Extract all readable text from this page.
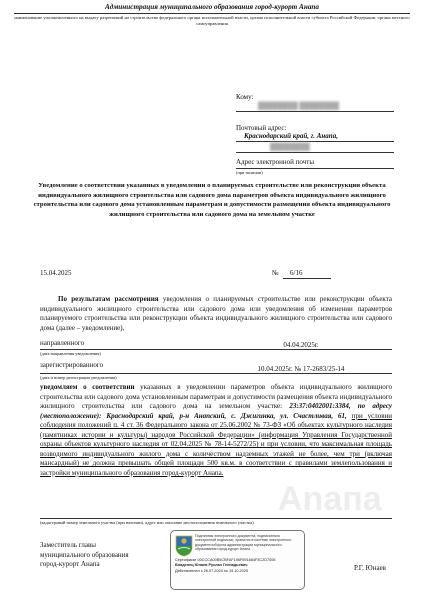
Администрация муниципального образования город-курорт Анапа
наименование уполномоченного на выдачу разрешений на строительство федерального органа исполнительной власти, органа исполнительной власти субъекта Российской Федерации, органа местного самоуправления
Кому:
████████ ████████
Почтовый адрес:
Краснодарский край, г. Анапа,
████████
Адрес электронной почты
(при наличии)
Уведомление о соответствии указанных в уведомлении о планируемых строительстве или реконструкции объекта индивидуального жилищного строительства или садового дома параметров объекта индивидуального жилищного строительства или садового дома установленным параметрам и допустимости размещения объекта индивидуального жилищного строительства или садового дома на земельном участке
15.04.2025	№ 6/16
По результатам рассмотрения уведомления о планируемых строительстве или реконструкции объекта индивидуального жилищного строительства или садового дома или уведомления об изменении параметров планируемого строительства или реконструкции объекта индивидуального жилищного строительства или садового дома (далее – уведомление),
направленного	04.04.2025г.
(дата направления уведомления)
зарегистрированного	10.04.2025г. № 17-2683/25-14
(дата и номер регистрации уведомления)
уведомляем о соответствии указанных в уведомлении параметров объекта индивидуального жилищного строительства или садового дома установленным параметрам и допустимости размещения объекта индивидуального жилищного строительства или садового дома на земельном участке: 23:37:0402001:3384, по адресу (местоположение): Краснодарский край, р-н Анапский, с. Джигинка, ул. Счастливая, 61, при условии соблюдения положений п. 4 ст. 36 Федерального закона от 25.06.2002 № 73-ФЗ «Об объектах культурного наследия (памятниках истории и культуры) народов Российской Федерации» (информация Управления Государственной охраны объектов культурного наследия от 02.04.2025 № 78-14-5272/25) и при условии, что максимальная площадь возводимого индивидуального жилого дома с количеством надземных этажей не более, чем три (включая мансардный) не должна превышать общей площади 500 кв.м. в соответствии с правилами землепользования и застройки муниципального образования город-курорт Анапа.
(кадастровый номер земельного участка (при наличии), адрес или описание местоположения земельного участка)
Anaпa
Заместитель главы
муниципального образования
город-курорт Анапа	Р.Г. Юнаев
Подлинник электронного документа, подписанного электронной подписью, хранится в системе электронного документооборота администрации муниципального образования город-курорт Анапа
Сертификат 00CCCA00B5CBFAF196F591684F3C2D7006
Владелец Юнаев Руслан Геннадьевич
Действителен с 26.07.2024 по 19.10.2025
